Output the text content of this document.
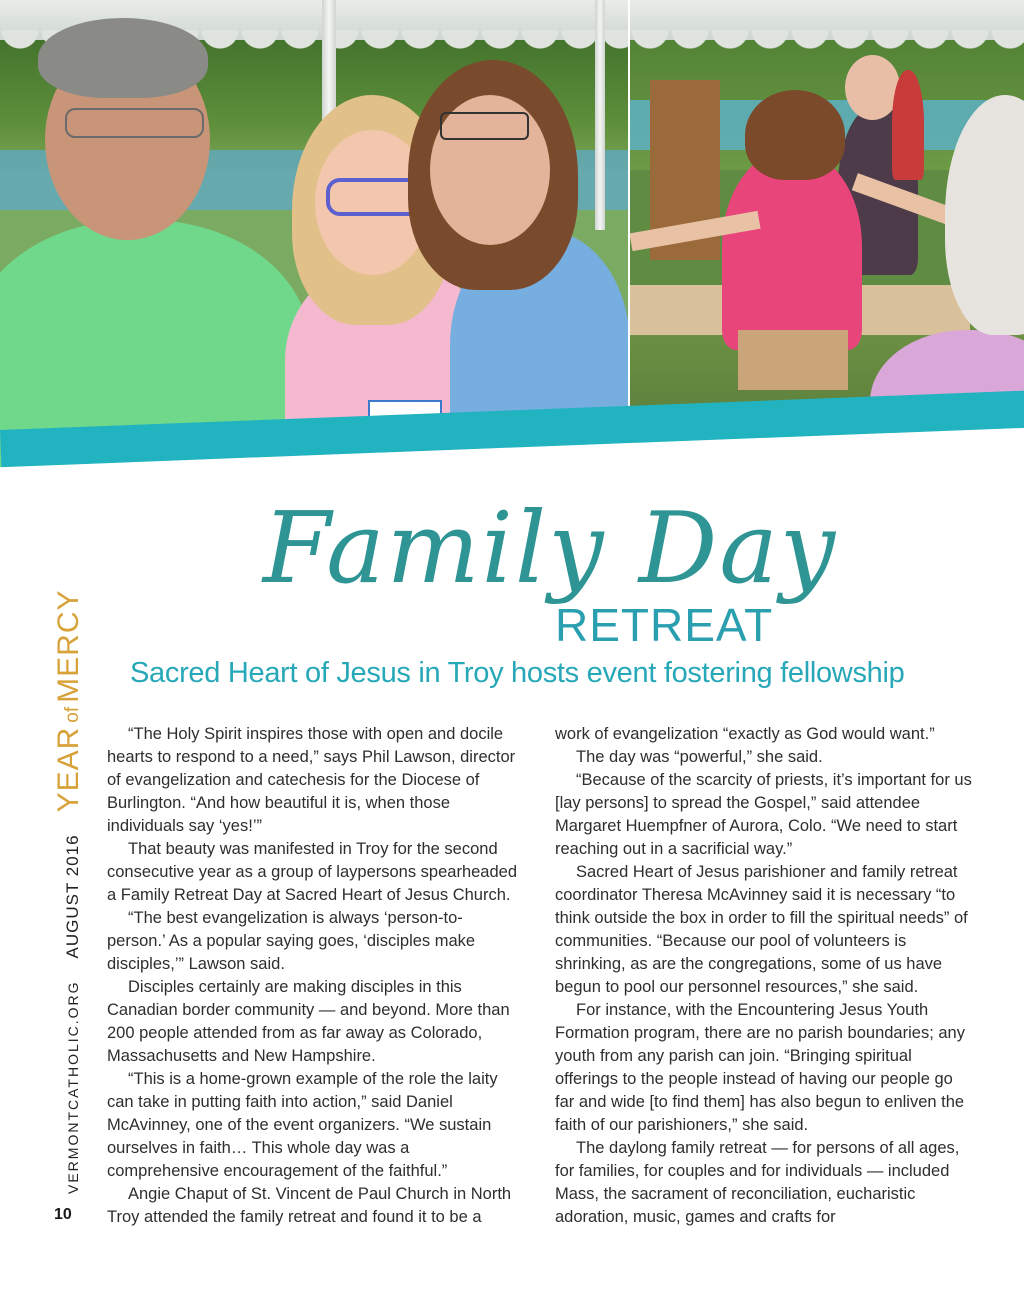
Family Day
RETREAT
Sacred Heart of Jesus in Troy hosts event fostering fellowship
VERMONTCATHOLIC.ORG
AUGUST 2016
YEAR
of
MERCY
10

“The Holy Spirit inspires those with open and docile hearts to respond to a need,” says Phil Lawson, director of evangelization and catechesis for the Diocese of Burlington. “And how beautiful it is, when those individuals say ‘yes!’”

That beauty was manifested in Troy for the second consecutive year as a group of laypersons spearheaded a Family Retreat Day at Sacred Heart of Jesus Church.

“The best evangelization is always ‘person-to-person.’ As a popular saying goes, ‘disciples make disciples,’” Lawson said.

Disciples certainly are making disciples in this Canadian border community — and beyond. More than 200 people attended from as far away as Colorado, Massachusetts and New Hampshire.

“This is a home-grown example of the role the laity can take in putting faith into action,” said Daniel McAvinney, one of the event organizers. “We sustain ourselves in faith… This whole day was a comprehensive encouragement of the faithful.”

Angie Chaput of St. Vincent de Paul Church in North Troy attended the family retreat and found it to be a

work of evangelization “exactly as God would want.”

The day was “powerful,” she said.

“Because of the scarcity of priests, it’s important for us [lay persons] to spread the Gospel,” said attendee Margaret Huempfner of Aurora, Colo. “We need to start reaching out in a sacrificial way.”

Sacred Heart of Jesus parishioner and family retreat coordinator Theresa McAvinney said it is necessary “to think outside the box in order to fill the spiritual needs” of communities. “Because our pool of volunteers is shrinking, as are the congregations, some of us have begun to pool our personnel resources,” she said.

For instance, with the Encountering Jesus Youth Formation program, there are no parish boundaries; any youth from any parish can join. “Bringing spiritual offerings to the people instead of having our people go far and wide [to find them] has also begun to enliven the faith of our parishioners,” she said.

The daylong family retreat — for persons of all ages, for families, for couples and for individuals — included Mass, the sacrament of reconciliation, eucharistic adoration, music, games and crafts for
